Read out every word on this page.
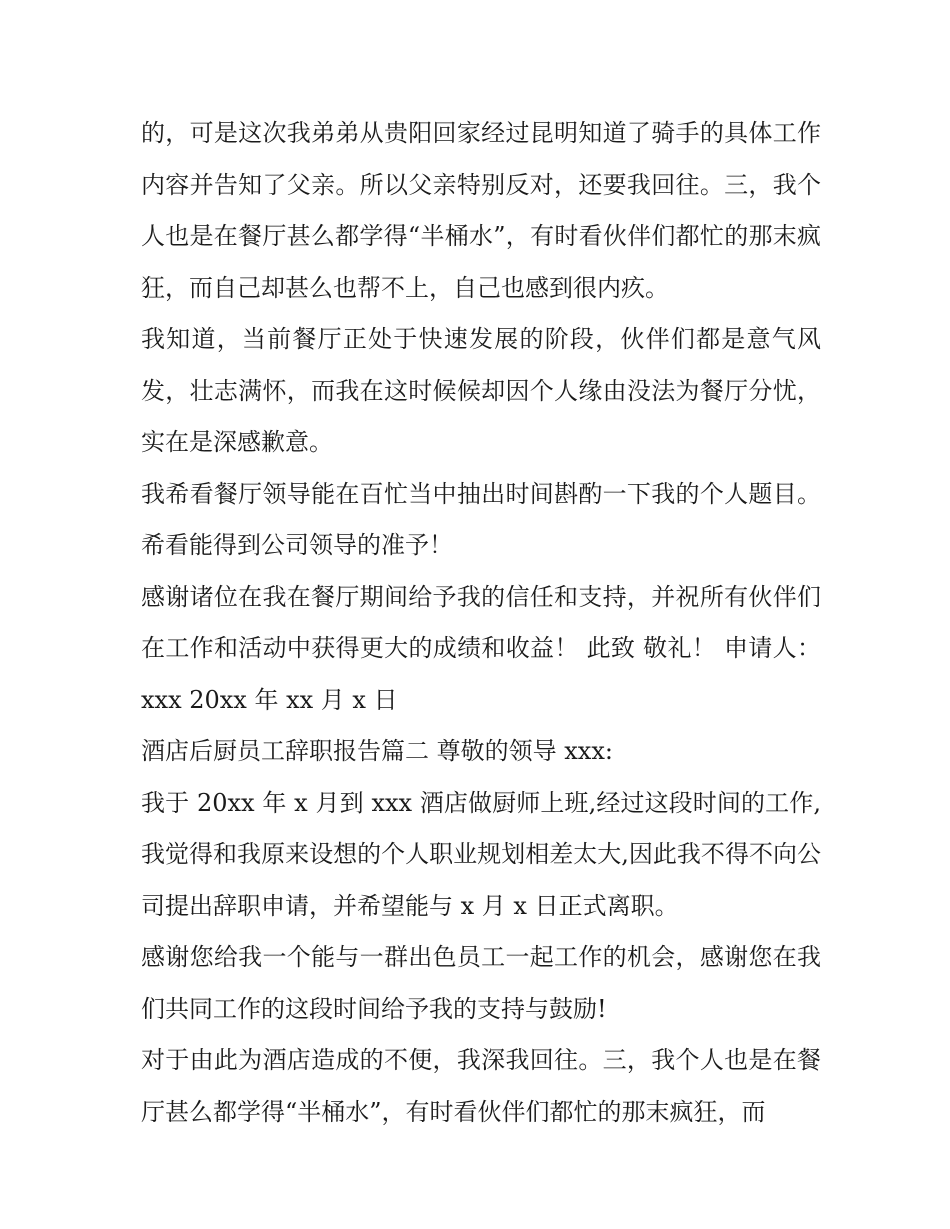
的，可是这次我弟弟从贵阳回家经过昆明知道了骑手的具体工作内容并告知了父亲。所以父亲特别反对，还要我回往。三，我个人也是在餐厅甚么都学得“半桶水”，有时看伙伴们都忙的那末疯狂，而自己却甚么也帮不上，自己也感到很内疚。

我知道，当前餐厅正处于快速发展的阶段，伙伴们都是意气风发，壮志满怀，而我在这时候候却因个人缘由没法为餐厅分忧，实在是深感歉意。

我希看餐厅领导能在百忙当中抽出时间斟酌一下我的个人题目。希看能得到公司领导的准予！

感谢诸位在我在餐厅期间给予我的信任和支持，并祝所有伙伴们在工作和活动中获得更大的成绩和收益！ 此致 敬礼！ 申请人：xxx 20xx 年 xx 月 x 日

酒店后厨员工辞职报告篇二 尊敬的领导 xxx:

我于 20xx 年 x 月到 xxx 酒店做厨师上班,经过这段时间的工作,我觉得和我原来设想的个人职业规划相差太大,因此我不得不向公司提出辞职申请，并希望能与 x 月 x 日正式离职。

感谢您给我一个能与一群出色员工一起工作的机会，感谢您在我们共同工作的这段时间给予我的支持与鼓励!

对于由此为酒店造成的不便，我深我回往。三，我个人也是在餐厅甚么都学得“半桶水”，有时看伙伴们都忙的那末疯狂，而
